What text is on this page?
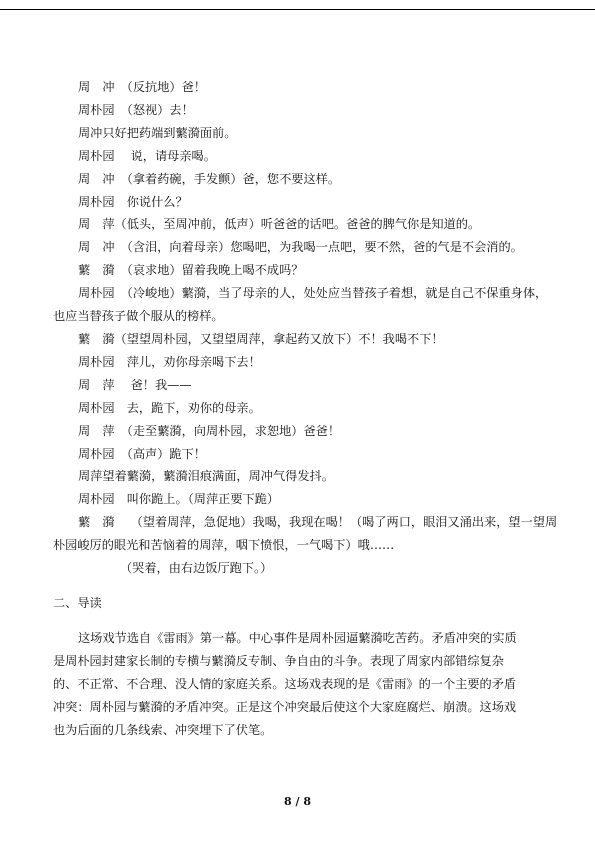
周　冲　（反抗地）爸！

周朴园　（怒视）去！

周冲只好把药端到蘩漪面前。

周朴园　 说，请母亲喝。

周　冲　（拿着药碗，手发颤）爸，您不要这样。

周朴园　你说什么？

周　萍（低头，至周冲前，低声）听爸爸的话吧。爸爸的脾气你是知道的。

周　冲　（含泪，向着母亲）您喝吧，为我喝一点吧，要不然，爸的气是不会消的。

蘩　漪　（哀求地）留着我晚上喝不成吗？

周朴园　（冷峻地）蘩漪，当了母亲的人，处处应当替孩子着想，就是自己不保重身体，

也应当替孩子做个服从的榜样。

蘩　漪（望望周朴园，又望望周萍，拿起药又放下）不！我喝不下！

周朴园　萍儿，劝你母亲喝下去！

周　萍　 爸！我——

周朴园　去，跪下，劝你的母亲。

周　萍　（走至蘩漪，向周朴园，求恕地）爸爸！

周朴园　（高声）跪下！

周萍望着蘩漪，蘩漪泪痕满面，周冲气得发抖。

周朴园　叫你跪上。（周萍正要下跪）

蘩　漪　 （望着周萍，急促地）我喝，我现在喝！（喝了两口，眼泪又涌出来，望一望周

朴园峻厉的眼光和苦恼着的周萍，咽下愤恨，一气喝下）哦……

（哭着，由右边饭厅跑下。）

二、导读

这场戏节选自《雷雨》第一幕。中心事件是周朴园逼蘩漪吃苦药。矛盾冲突的实质是周朴园封建家长制的专横与蘩漪反专制、争自由的斗争。表现了周家内部错综复杂的、不正常、不合理、没人情的家庭关系。这场戏表现的是《雷雨》的一个主要的矛盾冲突：周朴园与蘩漪的矛盾冲突。正是这个冲突最后使这个大家庭腐烂、崩溃。这场戏也为后面的几条线索、冲突埋下了伏笔。

8 / 8
